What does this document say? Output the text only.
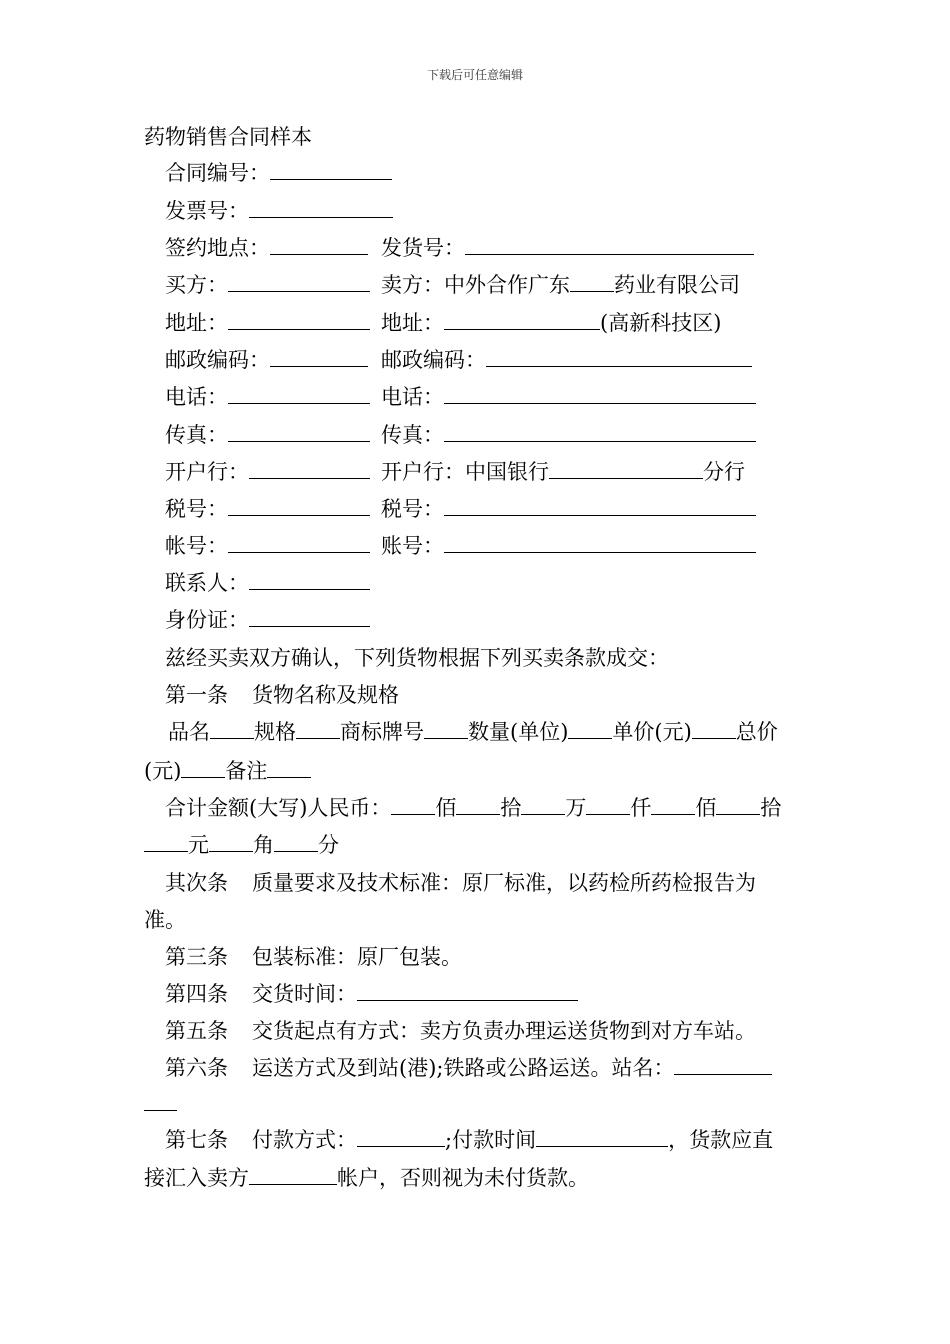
下载后可任意编辑
药物销售合同样本
合同编号：
发票号：
签约地点：	发货号：
买方：	卖方：中外合作广东 药业有限公司
地址：	地址：	(高新科技区)
邮政编码：	邮政编码：
电话：	电话：
传真：	传真：
开户行：	开户行：中国银行	分行
税号：	税号：
帐号：	账号：
联系人：
身份证：
兹经买卖双方确认，下列货物根据下列买卖条款成交：
第一条 货物名称及规格
品名 规格 商标牌号 数量(单位) 单价(元) 总价
(元) 备注
合计金额(大写)人民币： 佰 拾 万 仟 佰 拾
元 角 分
其次条 质量要求及技术标准：原厂标准，以药检所药检报告为
准。
第三条 包装标准：原厂包装。
第四条 交货时间：
第五条 交货起点有方式：卖方负责办理运送货物到对方车站。
第六条 运送方式及到站(港);铁路或公路运送。站名：
第七条 付款方式：	;付款时间	，货款应直
接汇入卖方	帐户，否则视为未付货款。
